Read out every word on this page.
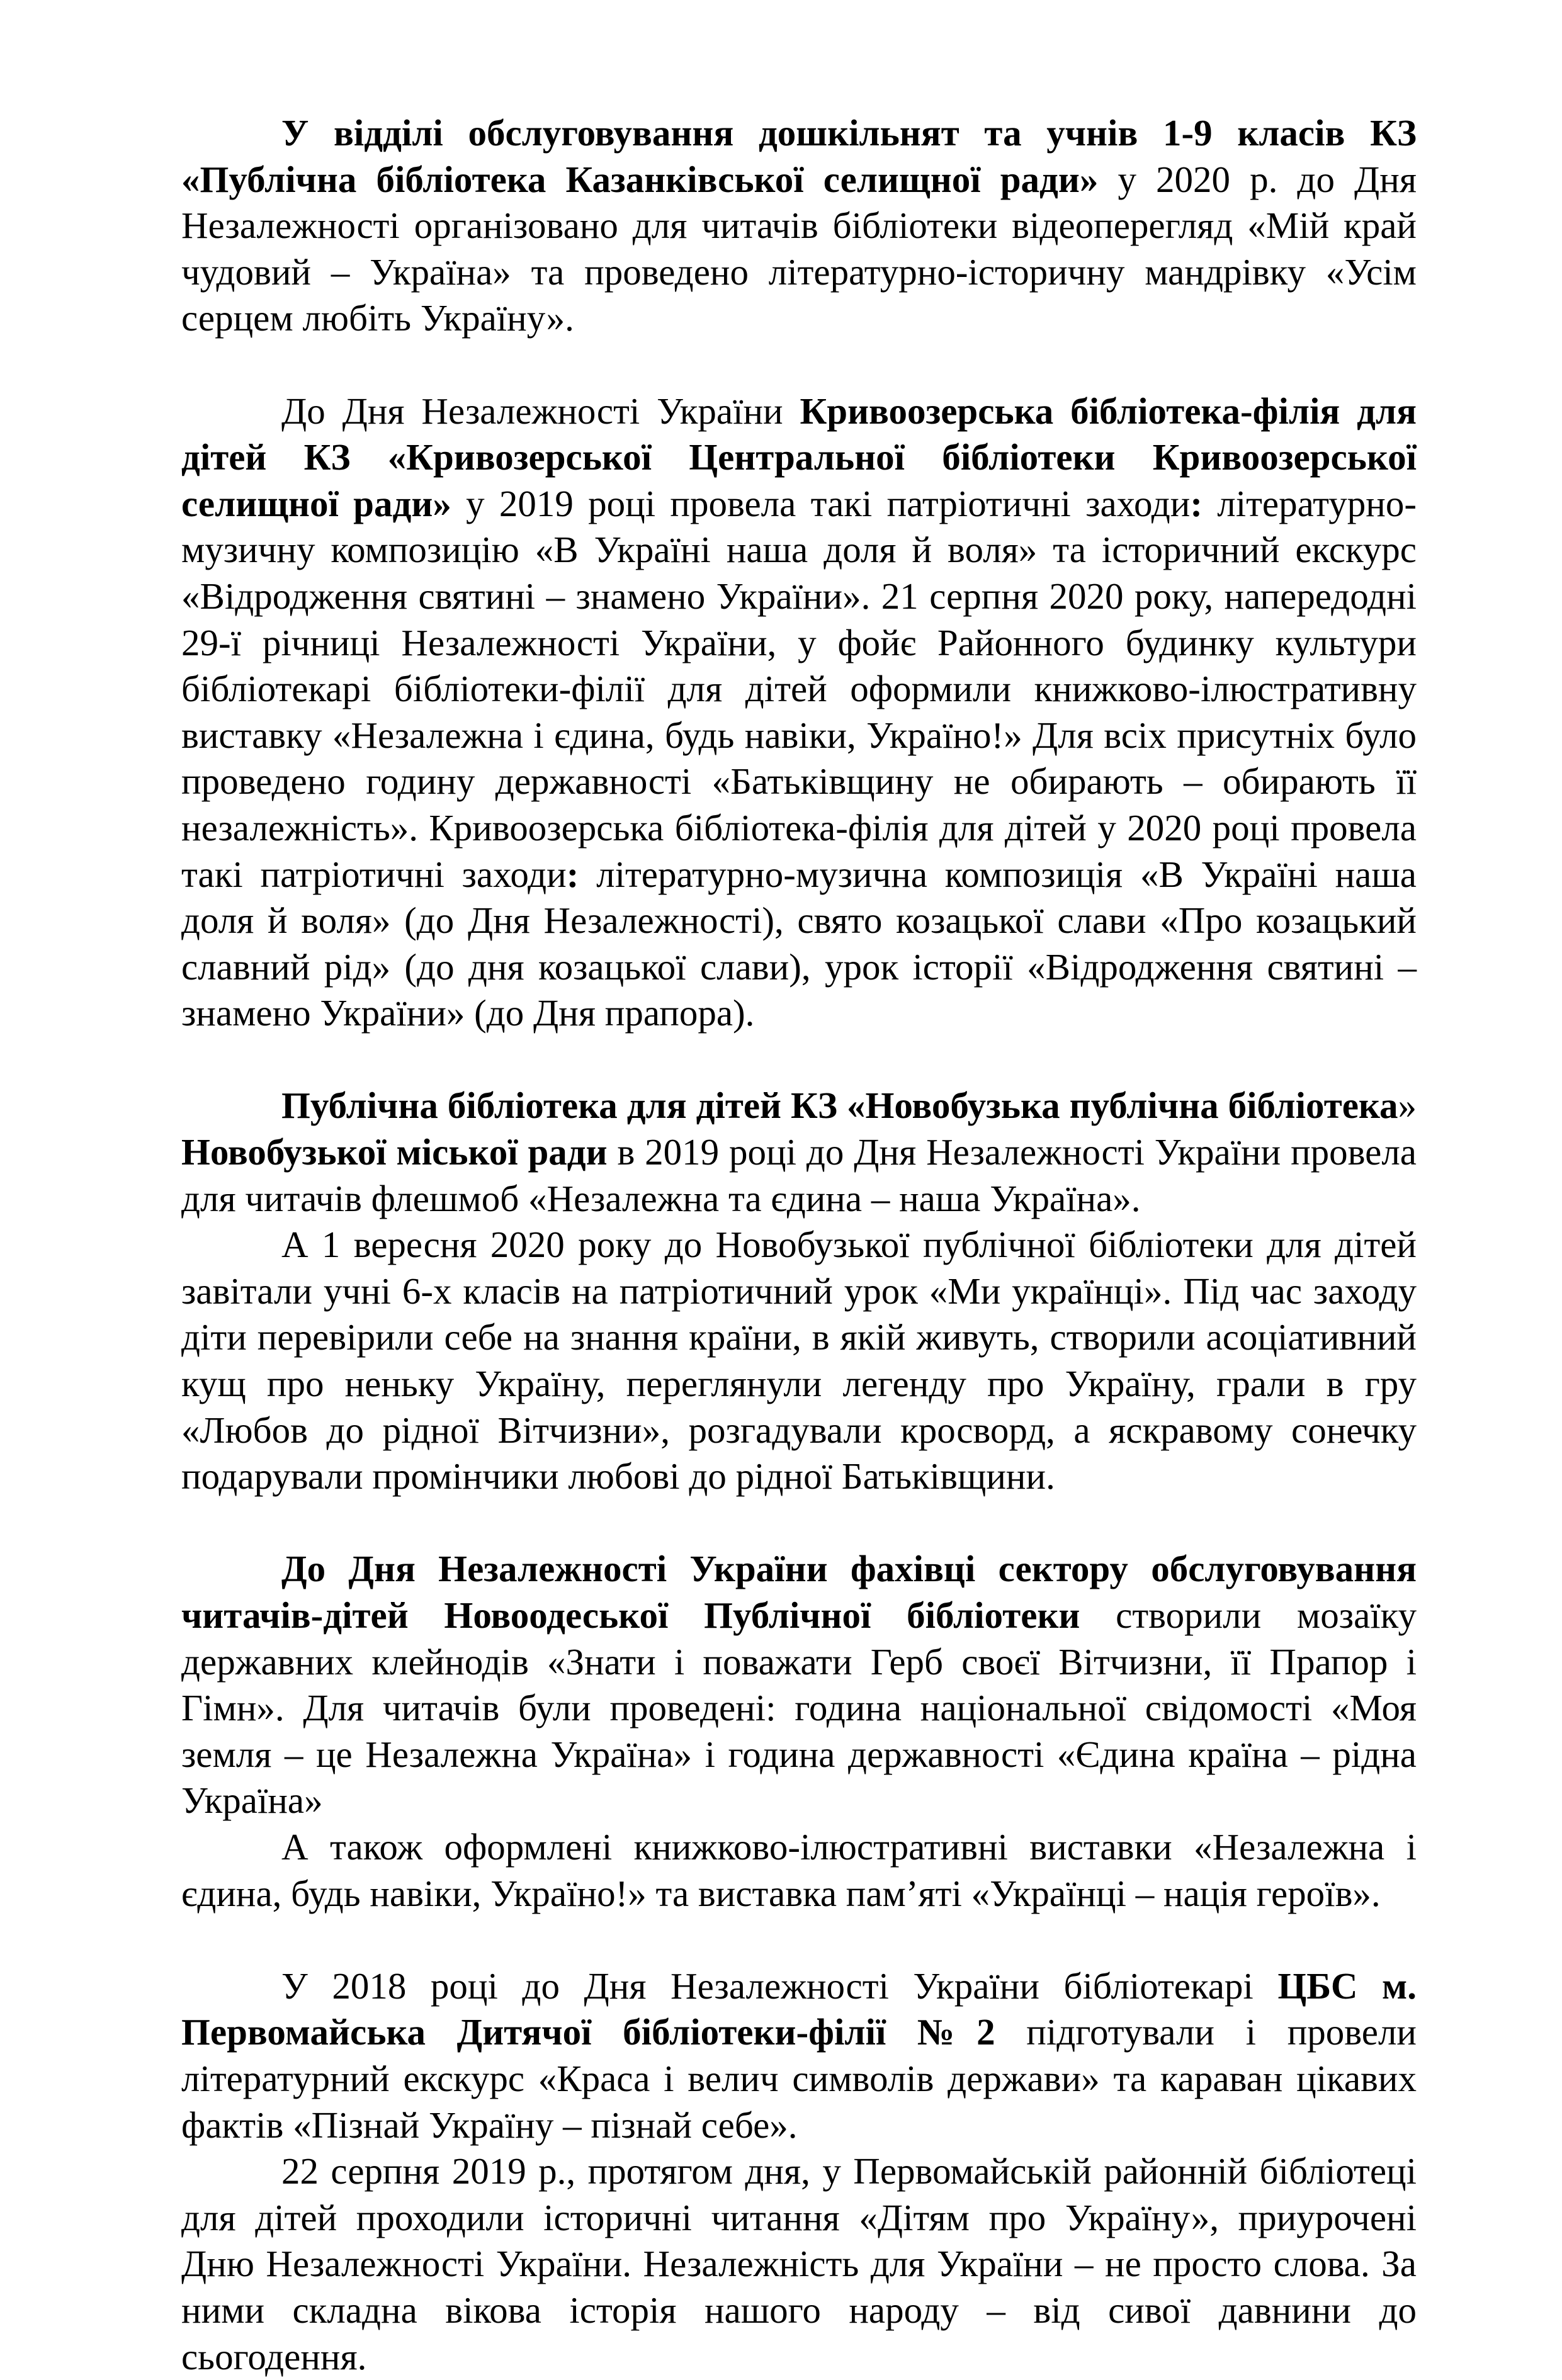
У відділі обслуговування дошкільнят та учнів 1-9 класів КЗ «Публічна бібліотека Казанківської селищної ради» у 2020 р. до Дня Незалежності організовано для читачів бібліотеки відеоперегляд «Мій край чудовий – Україна» та проведено літературно-історичну мандрівку «Усім серцем любіть Україну».

До Дня Незалежності України Кривоозерська бібліотека-філія для дітей КЗ «Кривозерської Центральної бібліотеки Кривоозерської селищної ради» у 2019 році провела такі патріотичні заходи: літературно-музичну композицію «В Україні наша доля й воля» та історичний екскурс «Відродження святині – знамено України». 21 серпня 2020 року, напередодні 29-ї річниці Незалежності України, у фойє Районного будинку культури бібліотекарі бібліотеки-філії для дітей оформили книжково-ілюстративну виставку «Незалежна і єдина, будь навіки, Україно!» Для всіх присутніх було проведено годину державності «Батьківщину не обирають – обирають її незалежність». Кривоозерська бібліотека-філія для дітей у 2020 році провела такі патріотичні заходи: літературно-музична композиція «В Україні наша доля й воля» (до Дня Незалежності), свято козацької слави «Про козацький славний рід» (до дня козацької слави), урок історії «Відродження святині – знамено України» (до Дня прапора).

Публічна бібліотека для дітей КЗ «Новобузька публічна бібліотека» Новобузької міської ради в 2019 році до Дня Незалежності України провела для читачів флешмоб «Незалежна та єдина – наша Україна».

А 1 вересня 2020 року до Новобузької публічної бібліотеки для дітей завітали учні 6-х класів на патріотичний урок «Ми українці». Під час заходу діти перевірили себе на знання країни, в якій живуть, створили асоціативний кущ про неньку Україну, переглянули легенду про Україну, грали в гру «Любов до рідної Вітчизни», розгадували кросворд, а яскравому сонечку подарували промінчики любові до рідної Батьківщини.

До Дня Незалежності України фахівці сектору обслуговування читачів-дітей Новоодеської Публічної бібліотеки створили мозаїку державних клейнодів «Знати і поважати Герб своєї Вітчизни, її Прапор і Гімн». Для читачів були проведені: година національної свідомості «Моя земля – це Незалежна Україна» і година державності «Єдина країна – рідна Україна»

А також оформлені книжково-ілюстративні виставки «Незалежна і єдина, будь навіки, Україно!» та виставка пам’яті «Українці – нація героїв».

У 2018 році до Дня Незалежності України бібліотекарі ЦБС м. Первомайська Дитячої бібліотеки-філії №2 підготували і провели літературний екскурс «Краса і велич символів держави» та караван цікавих фактів «Пізнай Україну – пізнай себе».

22 серпня 2019 р., протягом дня, у Первомайській районній бібліотеці для дітей проходили історичні читання «Дітям про Україну», приурочені Дню Незалежності України. Незалежність для України – не просто слова. За ними складна вікова історія нашого народу – від сивої давнини до сьогодення.
